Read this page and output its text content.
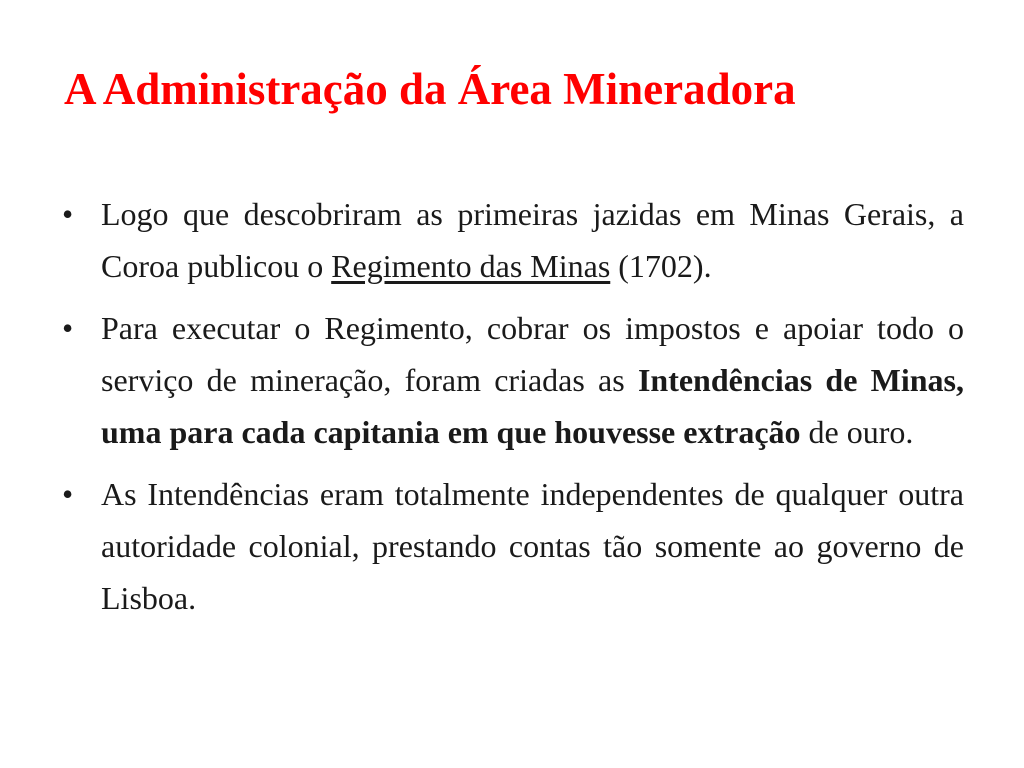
A Administração da Área Mineradora
• Logo que descobriram as primeiras jazidas em Minas Gerais, a Coroa publicou o Regimento das Minas (1702).
• Para executar o Regimento, cobrar os impostos e apoiar todo o serviço de mineração, foram criadas as Intendências de Minas, uma para cada capitania em que houvesse extração de ouro.
• As Intendências eram totalmente independentes de qualquer outra autoridade colonial, prestando contas tão somente ao governo de Lisboa.
